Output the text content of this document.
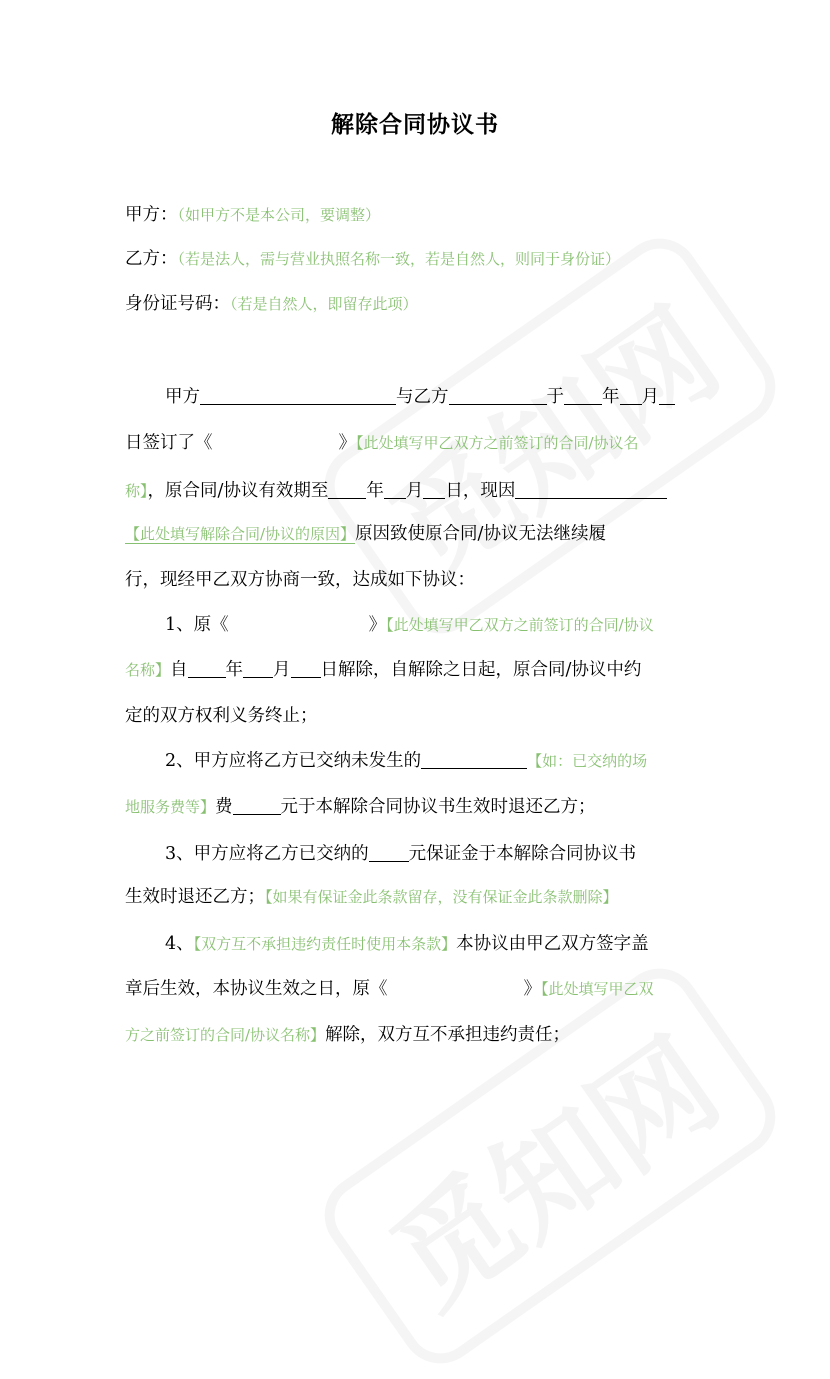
解除合同协议书
甲方：（如甲方不是本公司，要调整）
乙方：（若是法人，需与营业执照名称一致，若是自然人，则同于身份证）
身份证号码：（若是自然人，即留存此项）
甲方	与乙方	于 年 月
日签订了《	》【此处填写甲乙双方之前签订的合同/协议名
称】，原合同/协议有效期至 年 月 日，现因
【此处填写解除合同/协议的原因】原因致使原合同/协议无法继续履
行，现经甲乙双方协商一致，达成如下协议：
1、原《	》【此处填写甲乙双方之前签订的合同/协议
名称】自 年 月 日解除，自解除之日起，原合同/协议中约
定的双方权利义务终止；
2、甲方应将乙方已交纳未发生的	【如：已交纳的场
地服务费等】费	元于本解除合同协议书生效时退还乙方；
3、甲方应将乙方已交纳的 元保证金于本解除合同协议书
生效时退还乙方；【如果有保证金此条款留存，没有保证金此条款删除】
4、【双方互不承担违约责任时使用本条款】本协议由甲乙双方签字盖
章后生效，本协议生效之日，原《	》【此处填写甲乙双
方之前签订的合同/协议名称】解除，双方互不承担违约责任；
